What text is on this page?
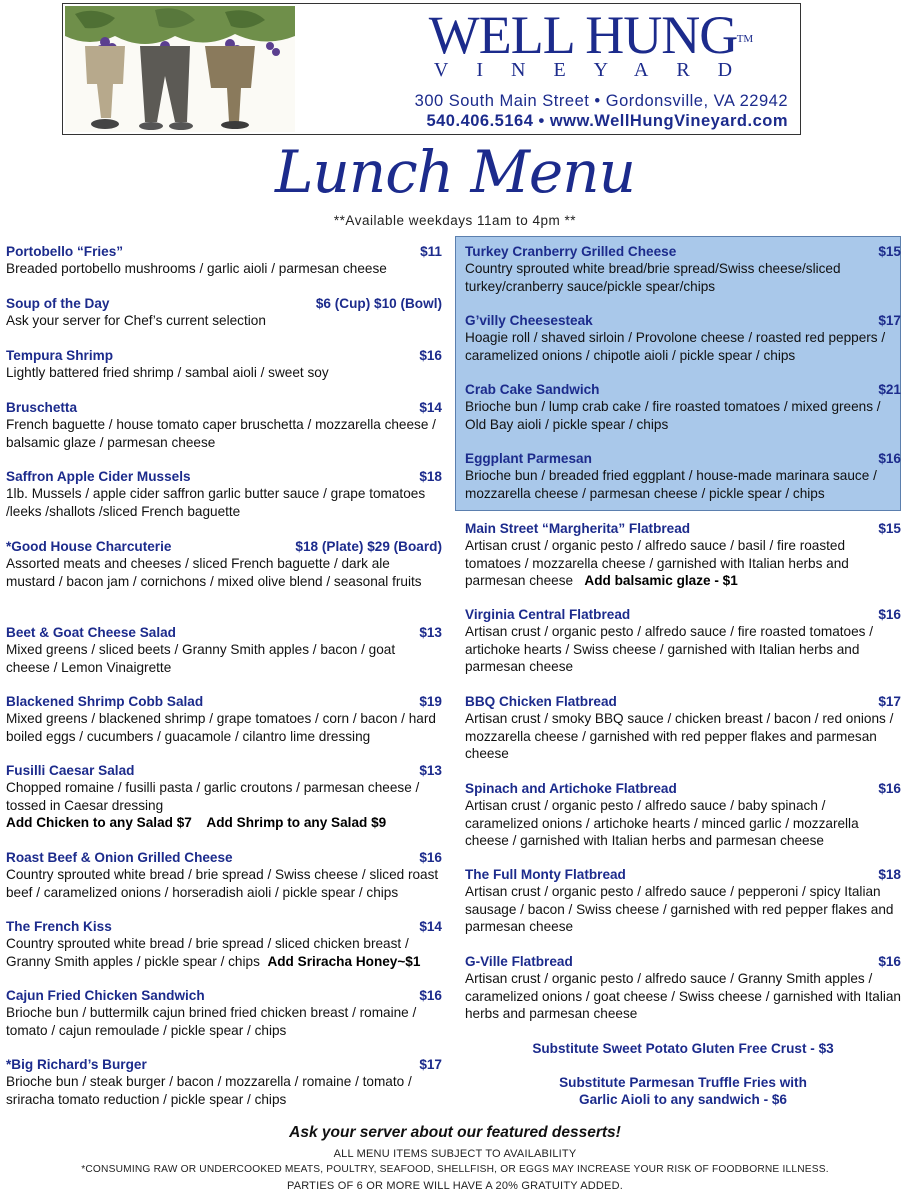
WELL HUNG TM
VINEYARD
300 South Main Street • Gordonsville, VA 22942
540.406.5164 • www.WellHungVineyard.com
Lunch Menu
**Available weekdays 11am to 4pm **
Portobello “Fries”	$11
Breaded portobello mushrooms / garlic aioli / parmesan cheese
Soup of the Day	$6 (Cup) $10 (Bowl)
Ask your server for Chef’s current selection
Tempura Shrimp	$16
Lightly battered fried shrimp / sambal aioli / sweet soy
Bruschetta	$14
French baguette / house tomato caper bruschetta / mozzarella cheese / balsamic glaze / parmesan cheese
Saffron Apple Cider Mussels	$18
1lb. Mussels / apple cider saffron garlic butter sauce / grape tomatoes /leeks /shallots /sliced French baguette
*Good House Charcuterie	$18 (Plate) $29 (Board)
Assorted meats and cheeses / sliced French baguette / dark ale mustard / bacon jam / cornichons / mixed olive blend / seasonal fruits
Beet & Goat Cheese Salad	$13
Mixed greens / sliced beets / Granny Smith apples / bacon / goat cheese / Lemon Vinaigrette
Blackened Shrimp Cobb Salad	$19
Mixed greens / blackened shrimp / grape tomatoes / corn / bacon / hard boiled eggs / cucumbers / guacamole / cilantro lime dressing
Fusilli Caesar Salad	$13
Chopped romaine / fusilli pasta / garlic croutons / parmesan cheese / tossed in Caesar dressing
Add Chicken to any Salad $7    Add Shrimp to any Salad $9
Roast Beef & Onion Grilled Cheese	$16
Country sprouted white bread / brie spread / Swiss cheese / sliced roast beef / caramelized onions / horseradish aioli / pickle spear / chips
The French Kiss	$14
Country sprouted white bread / brie spread / sliced chicken breast / Granny Smith apples / pickle spear / chips Add Sriracha Honey~$1
Cajun Fried Chicken Sandwich	$16
Brioche bun / buttermilk cajun brined fried chicken breast / romaine / tomato / cajun remoulade / pickle spear / chips
*Big Richard’s Burger	$17
Brioche bun / steak burger / bacon / mozzarella / romaine / tomato / sriracha tomato reduction / pickle spear / chips
Turkey Cranberry Grilled Cheese	$15
Country sprouted white bread/brie spread/Swiss cheese/sliced turkey/cranberry sauce/pickle spear/chips
G’villy Cheesesteak	$17
Hoagie roll / shaved sirloin / Provolone cheese / roasted red peppers / caramelized onions / chipotle aioli / pickle spear / chips
Crab Cake Sandwich	$21
Brioche bun / lump crab cake / fire roasted tomatoes / mixed greens / Old Bay aioli / pickle spear / chips
Eggplant Parmesan	$16
Brioche bun / breaded fried eggplant / house-made marinara sauce / mozzarella cheese / parmesan cheese / pickle spear / chips
Main Street “Margherita” Flatbread	$15
Artisan crust / organic pesto / alfredo sauce / basil / fire roasted tomatoes / mozzarella cheese / garnished with Italian herbs and parmesan cheese Add balsamic glaze - $1
Virginia Central Flatbread	$16
Artisan crust / organic pesto / alfredo sauce / fire roasted tomatoes / artichoke hearts / Swiss cheese / garnished with Italian herbs and parmesan cheese
BBQ Chicken Flatbread	$17
Artisan crust / smoky BBQ sauce / chicken breast / bacon / red onions / mozzarella cheese / garnished with red pepper flakes and parmesan cheese
Spinach and Artichoke Flatbread	$16
Artisan crust / organic pesto / alfredo sauce / baby spinach / caramelized onions / artichoke hearts / minced garlic / mozzarella cheese / garnished with Italian herbs and parmesan cheese
The Full Monty Flatbread	$18
Artisan crust / organic pesto / alfredo sauce / pepperoni / spicy Italian sausage / bacon / Swiss cheese / garnished with red pepper flakes and parmesan cheese
G-Ville Flatbread	$16
Artisan crust / organic pesto / alfredo sauce / Granny Smith apples / caramelized onions / goat cheese / Swiss cheese / garnished with Italian herbs and parmesan cheese
Substitute Sweet Potato Gluten Free Crust - $3
Substitute Parmesan Truffle Fries with
Garlic Aioli to any sandwich - $6
Ask your server about our featured desserts!
ALL MENU ITEMS SUBJECT TO AVAILABILITY
*CONSUMING RAW OR UNDERCOOKED MEATS, POULTRY, SEAFOOD, SHELLFISH, OR EGGS MAY INCREASE YOUR RISK OF FOODBORNE ILLNESS.
PARTIES OF 6 OR MORE WILL HAVE A 20% GRATUITY ADDED.
